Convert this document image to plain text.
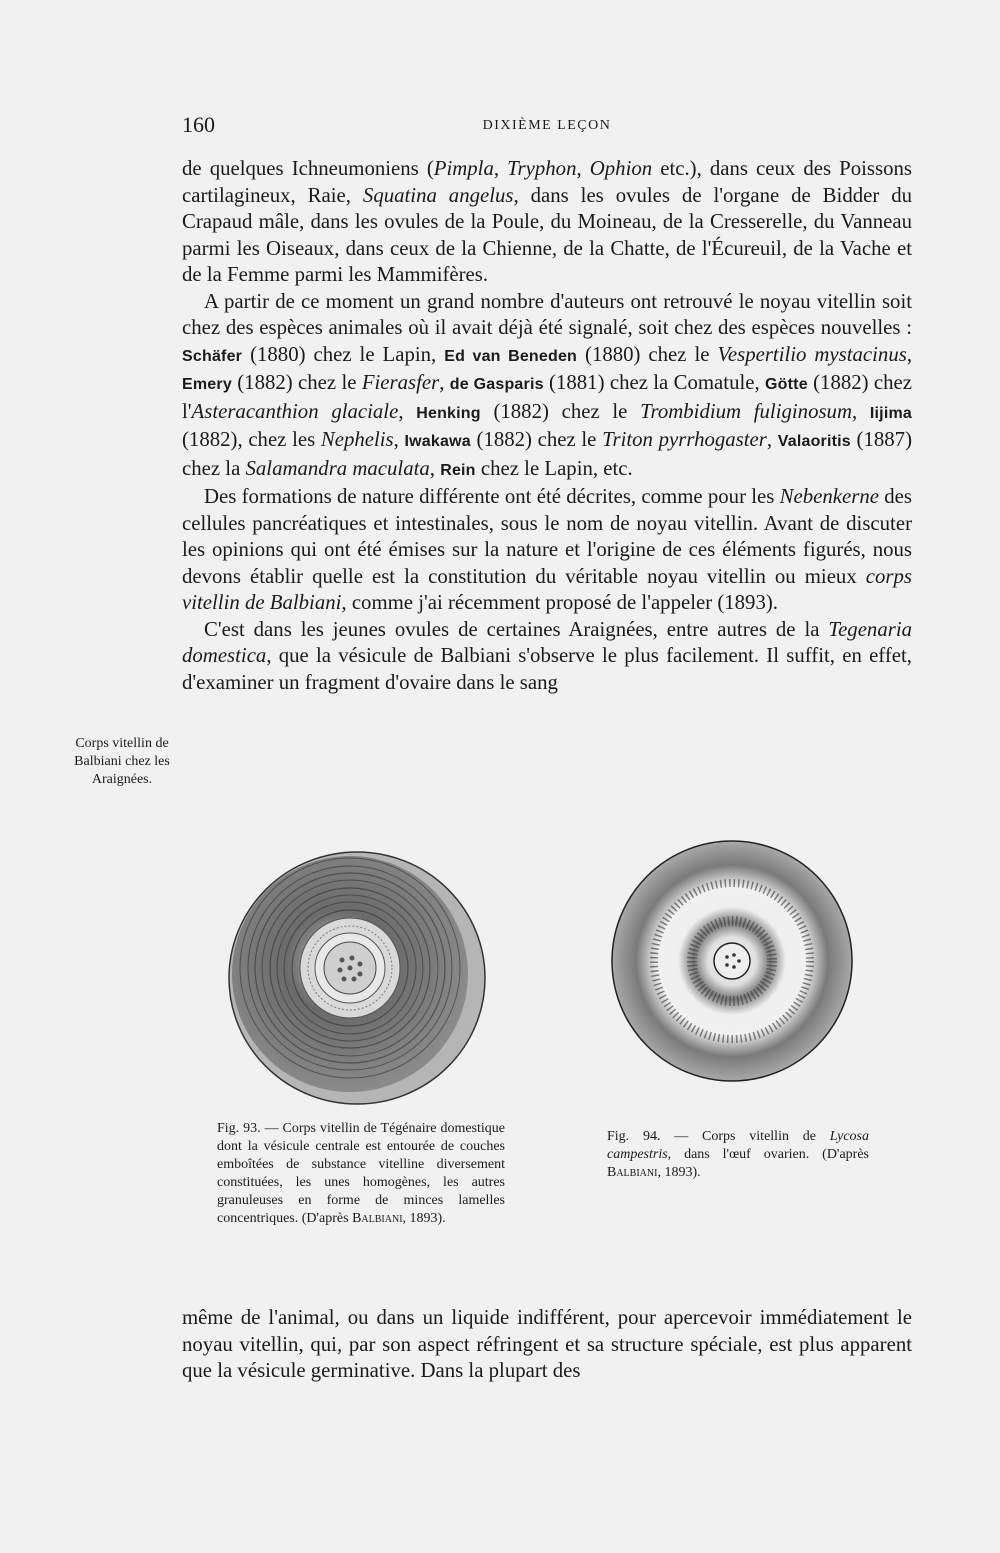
160	DIXIÈME LEÇON

de quelques Ichneumoniens (Pimpla, Tryphon, Ophion etc.), dans ceux des Poissons cartilagineux, Raie, Squatina angelus, dans les ovules de l'organe de Bidder du Crapaud mâle, dans les ovules de la Poule, du Moineau, de la Cresserelle, du Vanneau parmi les Oiseaux, dans ceux de la Chienne, de la Chatte, de l'Écureuil, de la Vache et de la Femme parmi les Mammifères.

A partir de ce moment un grand nombre d'auteurs ont retrouvé le noyau vitellin soit chez des espèces animales où il avait déjà été signalé, soit chez des espèces nouvelles : Schäfer (1880) chez le Lapin, Ed van Beneden (1880) chez le Vespertilio mystacinus, Emery (1882) chez le Fierasfer, de Gasparis (1881) chez la Comatule, Götte (1882) chez l'Asteracanthion glaciale, Henking (1882) chez le Trombidium fuliginosum, Iijima (1882), chez les Nephelis, Iwakawa (1882) chez le Triton pyrrhogaster, Valaoritis (1887) chez la Salamandra maculata, Rein chez le Lapin, etc.

Des formations de nature différente ont été décrites, comme pour les Nebenkerne des cellules pancréatiques et intestinales, sous le nom de noyau vitellin. Avant de discuter les opinions qui ont été émises sur la nature et l'origine de ces éléments figurés, nous devons établir quelle est la constitution du véritable noyau vitellin ou mieux corps vitellin de Balbiani, comme j'ai récemment proposé de l'appeler (1893).

C'est dans les jeunes ovules de certaines Araignées, entre autres de la Tegenaria domestica, que la vésicule de Balbiani s'observe le plus facilement. Il suffit, en effet, d'examiner un fragment d'ovaire dans le sang

Corps vitellin de Balbiani chez les Araignées.
Fig. 93. — Corps vitellin de Tégénaire domestique dont la vésicule centrale est entourée de couches emboîtées de substance vitelline diversement constituées, les unes homogènes, les autres granuleuses en forme de minces lamelles concentriques. (D'après Balbiani, 1893).
Fig. 94. — Corps vitellin de Lycosa campestris, dans l'œuf ovarien. (D'après Balbiani, 1893).

même de l'animal, ou dans un liquide indifférent, pour apercevoir immédiatement le noyau vitellin, qui, par son aspect réfringent et sa structure spéciale, est plus apparent que la vésicule germinative. Dans la plupart des
